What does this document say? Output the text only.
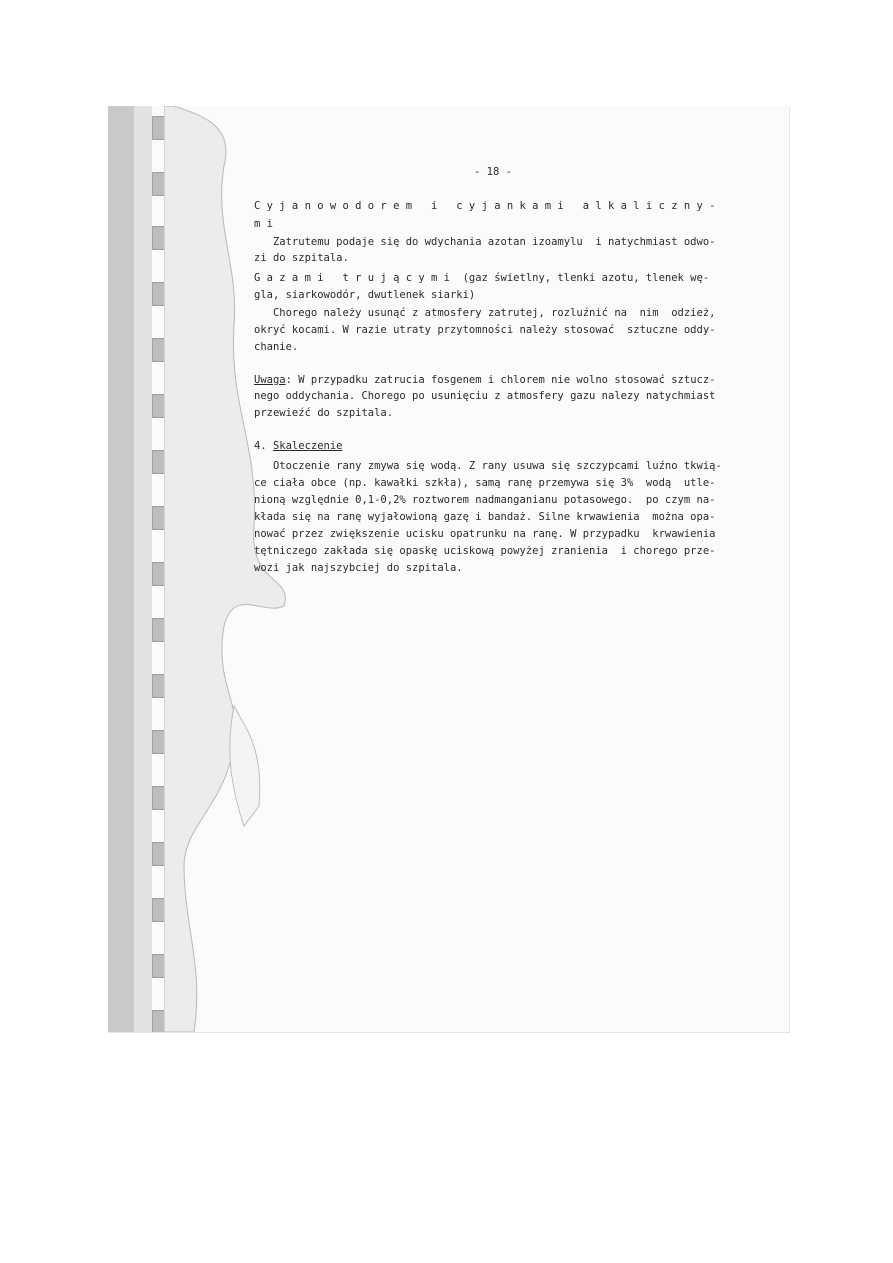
- 18 -

C y j a n o w o d o r e m   i   c y j a n k a m i   a l k a l i c z n y -

m i

Zatrutemu podaje się do wdychania azotan izoamylu  i natychmiast odwo-

zi do szpitala.

G a z a m i   t r u j ą c y m i  (gaz świetlny, tlenki azotu, tlenek wę-

gla, siarkowodór, dwutlenek siarki)

Chorego należy usunąć z atmosfery zatrutej, rozluźnić na  nim  odzież,

okryć kocami. W razie utraty przytomności należy stosować  sztuczne oddy-

chanie.

Uwaga: W przypadku zatrucia fosgenem i chlorem nie wolno stosować sztucz-

nego oddychania. Chorego po usunięciu z atmosfery gazu nalezy natychmiast

przewieźć do szpitala.

4. Skaleczenie

Otoczenie rany zmywa się wodą. Z rany usuwa się szczypcami luźno tkwią-

ce ciała obce (np. kawałki szkła), samą ranę przemywa się 3%  wodą  utle-

nioną względnie 0,1-0,2% roztworem nadmanganianu potasowego.  po czym na-

kłada się na ranę wyjałowioną gazę i bandaż. Silne krwawienia  można opa-

nować przez zwiększenie ucisku opatrunku na ranę. W przypadku  krwawienia

tętniczego zakłada się opaskę uciskową powyżej zranienia  i chorego prze-

wozi jak najszybciej do szpitala.
